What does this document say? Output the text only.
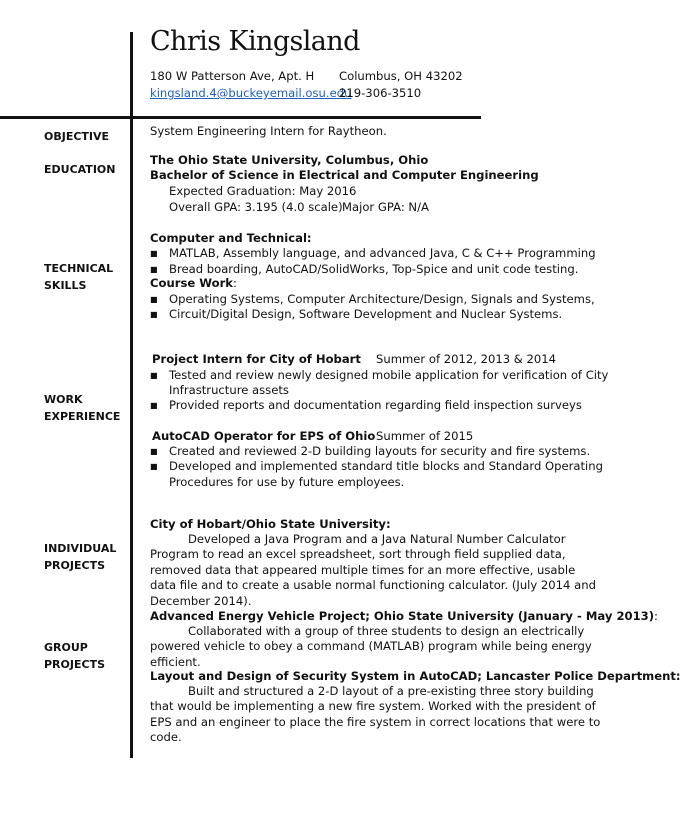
Chris Kingsland
180 W Patterson Ave, Apt. H Columbus, OH 43202
kingsland.4@buckeyemail.osu.edu
219-306-3510
OBJECTIVE
EDUCATION
TECHNICAL
SKILLS
WORK
EXPERIENCE
INDIVIDUAL
PROJECTS
GROUP
PROJECTS
System Engineering Intern for Raytheon.
The Ohio State University, Columbus, Ohio
Bachelor of Science in Electrical and Computer Engineering
Expected Graduation: May 2016
Overall GPA: 3.195 (4.0 scale) Major GPA: N/A
Computer and Technical:
■ MATLAB, Assembly language, and advanced Java, C & C++ Programming
■ Bread boarding, AutoCAD/SolidWorks, Top-Spice and unit code testing.
Course Work:
■ Operating Systems, Computer Architecture/Design, Signals and Systems,
■ Circuit/Digital Design, Software Development and Nuclear Systems.
Project Intern for City of Hobart Summer of 2012, 2013 & 2014
■ Tested and review newly designed mobile application for verification of City
Infrastructure assets
■ Provided reports and documentation regarding field inspection surveys
AutoCAD Operator for EPS of Ohio Summer of 2015
■ Created and reviewed 2-D building layouts for security and fire systems.
■ Developed and implemented standard title blocks and Standard Operating
Procedures for use by future employees.
City of Hobart/Ohio State University:
Developed a Java Program and a Java Natural Number Calculator Program to read an excel spreadsheet, sort through field supplied data, removed data that appeared multiple times for an more effective, usable data file and to create a usable normal functioning calculator. (July 2014 and December 2014).
Advanced Energy Vehicle Project; Ohio State University (January - May 2013):
Collaborated with a group of three students to design an electrically powered vehicle to obey a command (MATLAB) program while being energy efficient.
Layout and Design of Security System in AutoCAD; Lancaster Police Department:
Built and structured a 2-D layout of a pre-existing three story building that would be implementing a new fire system. Worked with the president of EPS and an engineer to place the fire system in correct locations that were to code.
